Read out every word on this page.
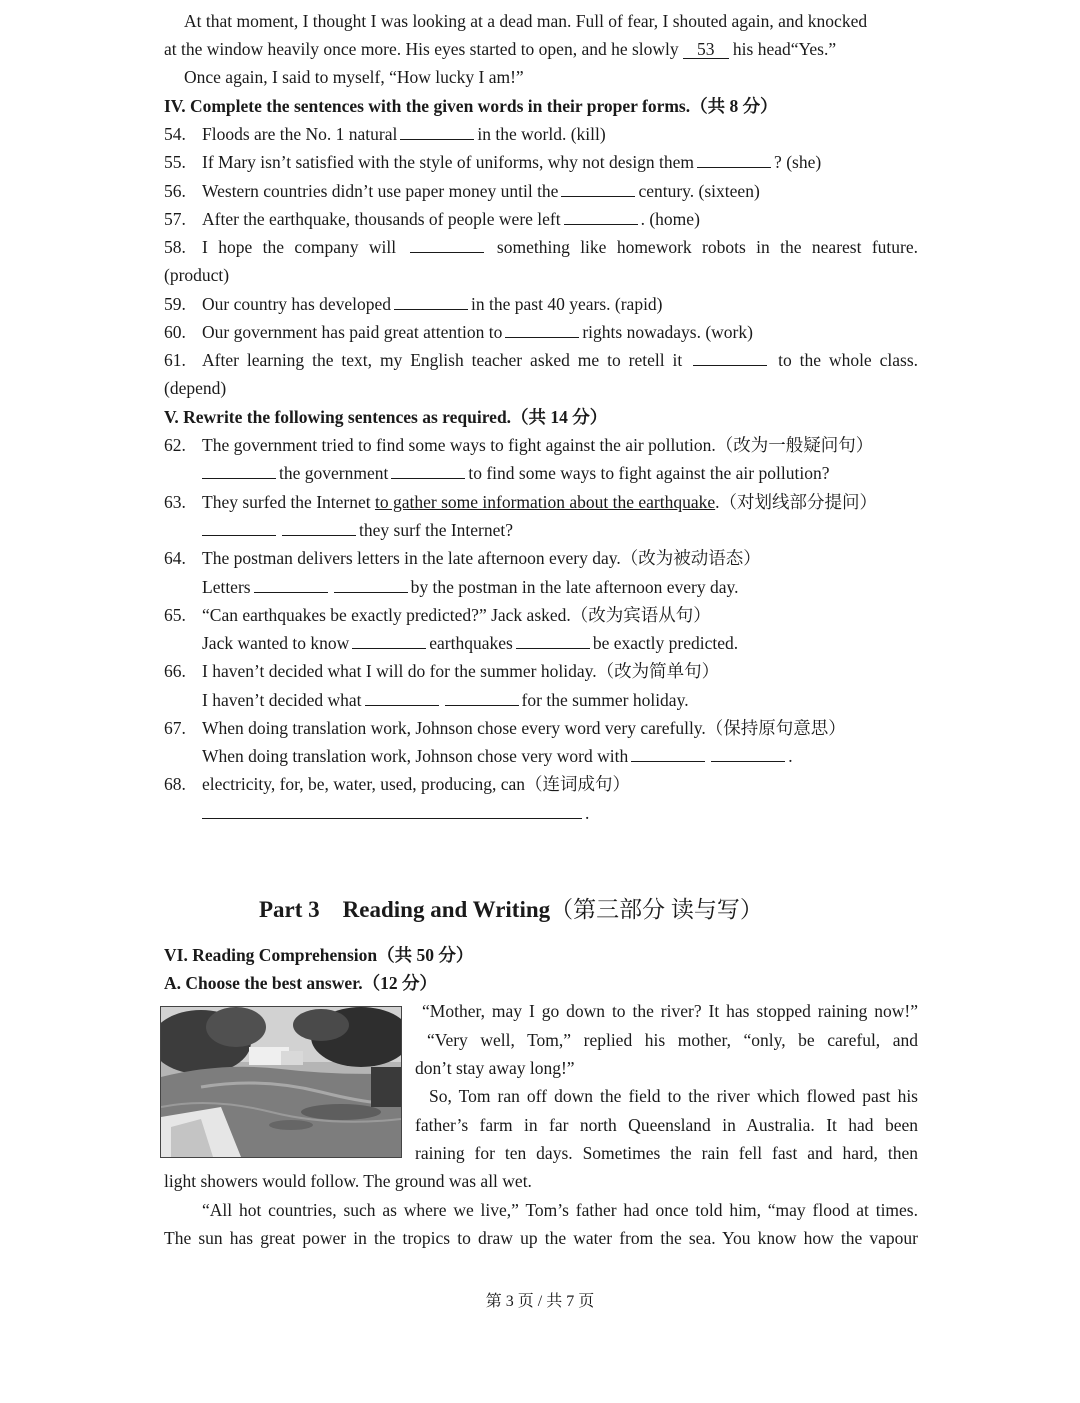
At that moment, I thought I was looking at a dead man. Full of fear, I shouted again, and knocked
at the window heavily once more. His eyes started to open, and he slowly 53 his head“Yes.”
Once again, I said to myself, “How lucky I am!”
IV. Complete the sentences with the given words in their proper forms.（共 8 分）
54. Floods are the No. 1 natural	in the world. (kill)
55. If Mary isn’t satisfied with the style of uniforms, why not design them	? (she)
56. Western countries didn’t use paper money until the	century. (sixteen)
57. After the earthquake, thousands of people were left	. (home)
58. I hope the company will	something like homework robots in the nearest future.
(product)
59. Our country has developed	in the past 40 years. (rapid)
60. Our government has paid great attention to	rights nowadays. (work)
61. After learning the text, my English teacher asked me to retell it	to the whole class.
(depend)
V. Rewrite the following sentences as required.（共 14 分）
62. The government tried to find some ways to fight against the air pollution.（改为一般疑问句）
the government	to find some ways to fight against the air pollution?
63. They surfed the Internet to gather some information about the earthquake.（对划线部分提问）
they surf the Internet?
64. The postman delivers letters in the late afternoon every day.（改为被动语态）
Letters	by the postman in the late afternoon every day.
65. “Can earthquakes be exactly predicted?” Jack asked.（改为宾语从句）
Jack wanted to know	earthquakes	be exactly predicted.
66. I haven’t decided what I will do for the summer holiday.（改为简单句）
I haven’t decided what	for the summer holiday.
67. When doing translation work, Johnson chose every word very carefully.（保持原句意思）
When doing translation work, Johnson chose very word with	.
68. electricity, for, be, water, used, producing, can（连词成句）
.
Part 3    Reading and Writing（第三部分 读与写）
VI. Reading Comprehension（共 50 分）
A. Choose the best answer.（12 分）
“Mother, may I go down to the river? It has stopped raining now!”
“Very well, Tom,” replied his mother, “only, be careful, and
don’t stay away long!”
So, Tom ran off down the field to the river which flowed past his
father’s farm in far north Queensland in Australia. It had been
raining for ten days. Sometimes the rain fell fast and hard, then
light showers would follow. The ground was all wet.
“All hot countries, such as where we live,” Tom’s father had once told him, “may flood at times.
The sun has great power in the tropics to draw up the water from the sea. You know how the vapour
第 3 页 / 共 7 页
